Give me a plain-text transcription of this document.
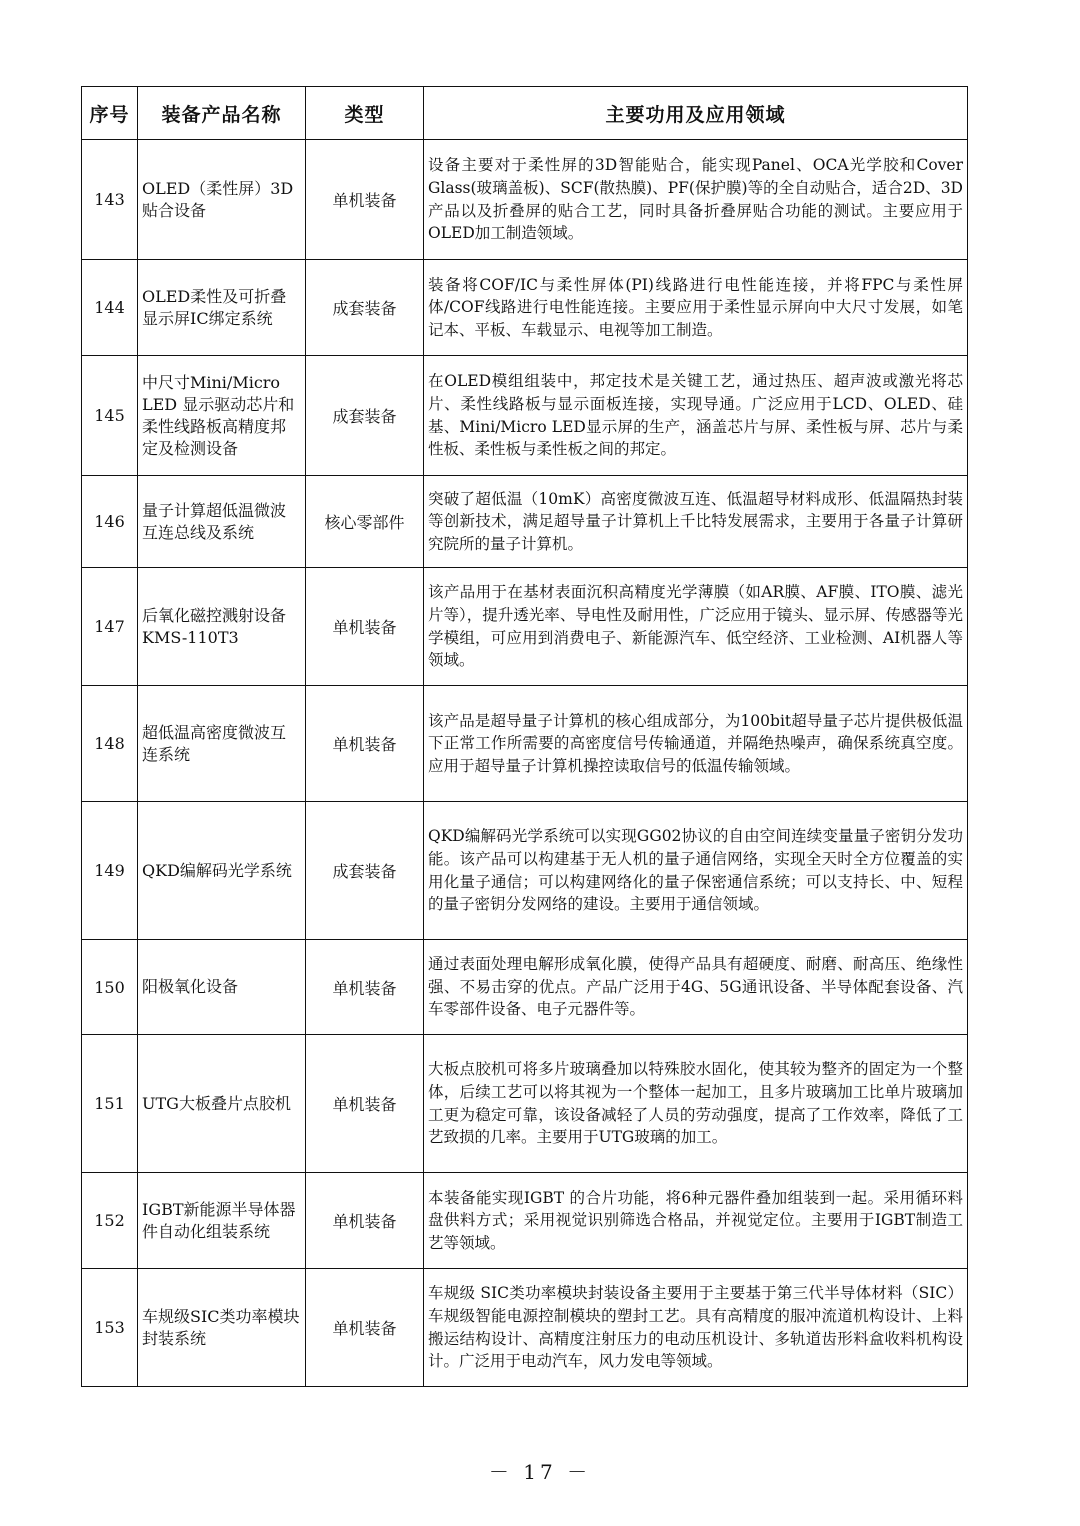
序号	装备产品名称	类型	主要功用及应用领域
143	OLED（柔性屏）3D贴合设备	单机装备	设备主要对于柔性屏的3D智能贴合，能实现Panel、OCA光学胶和Cover Glass(玻璃盖板)、SCF(散热膜)、PF(保护膜)等的全自动贴合，适合2D、3D产品以及折叠屏的贴合工艺，同时具备折叠屏贴合功能的测试。主要应用于OLED加工制造领域。
144	OLED柔性及可折叠显示屏IC绑定系统	成套装备	装备将COF/IC与柔性屏体(PI)线路进行电性能连接，并将FPC与柔性屏体/COF线路进行电性能连接。主要应用于柔性显示屏向中大尺寸发展，如笔记本、平板、车载显示、电视等加工制造。
145	中尺寸Mini/Micro LED 显示驱动芯片和柔性线路板高精度邦定及检测设备	成套装备	在OLED模组组装中，邦定技术是关键工艺，通过热压、超声波或激光将芯片、柔性线路板与显示面板连接，实现导通。广泛应用于LCD、OLED、硅基、Mini/Micro LED显示屏的生产，涵盖芯片与屏、柔性板与屏、芯片与柔性板、柔性板与柔性板之间的邦定。
146	量子计算超低温微波互连总线及系统	核心零部件	突破了超低温（10mK）高密度微波互连、低温超导材料成形、低温隔热封装等创新技术，满足超导量子计算机上千比特发展需求，主要用于各量子计算研究院所的量子计算机。
147	后氧化磁控溅射设备KMS-110T3	单机装备	该产品用于在基材表面沉积高精度光学薄膜（如AR膜、AF膜、ITO膜、滤光片等），提升透光率、导电性及耐用性，广泛应用于镜头、显示屏、传感器等光学模组，可应用到消费电子、新能源汽车、低空经济、工业检测、AI机器人等领域。
148	超低温高密度微波互连系统	单机装备	该产品是超导量子计算机的核心组成部分，为100bit超导量子芯片提供极低温下正常工作所需要的高密度信号传输通道，并隔绝热噪声，确保系统真空度。应用于超导量子计算机操控读取信号的低温传输领域。
149	QKD编解码光学系统	成套装备	QKD编解码光学系统可以实现GG02协议的自由空间连续变量量子密钥分发功能。该产品可以构建基于无人机的量子通信网络，实现全天时全方位覆盖的实用化量子通信；可以构建网络化的量子保密通信系统；可以支持长、中、短程的量子密钥分发网络的建设。主要用于通信领域。
150	阳极氧化设备	单机装备	通过表面处理电解形成氧化膜，使得产品具有超硬度、耐磨、耐高压、绝缘性强、不易击穿的优点。产品广泛用于4G、5G通讯设备、半导体配套设备、汽车零部件设备、电子元器件等。
151	UTG大板叠片点胶机	单机装备	大板点胶机可将多片玻璃叠加以特殊胶水固化，使其较为整齐的固定为一个整体，后续工艺可以将其视为一个整体一起加工，且多片玻璃加工比单片玻璃加工更为稳定可靠，该设备减轻了人员的劳动强度，提高了工作效率，降低了工艺致损的几率。主要用于UTG玻璃的加工。
152	IGBT新能源半导体器件自动化组装系统	单机装备	本装备能实现IGBT 的合片功能，将6种元器件叠加组装到一起。采用循环料盘供料方式；采用视觉识别筛选合格品，并视觉定位。主要用于IGBT制造工艺等领域。
153	车规级SIC类功率模块封装系统	单机装备	车规级 SIC类功率模块封装设备主要用于主要基于第三代半导体材料（SIC）车规级智能电源控制模块的塑封工艺。具有高精度的服冲流道机构设计、上料搬运结构设计、高精度注射压力的电动压机设计、多轨道齿形料盒收料机构设计。广泛用于电动汽车，风力发电等领域。
－ 17 －
